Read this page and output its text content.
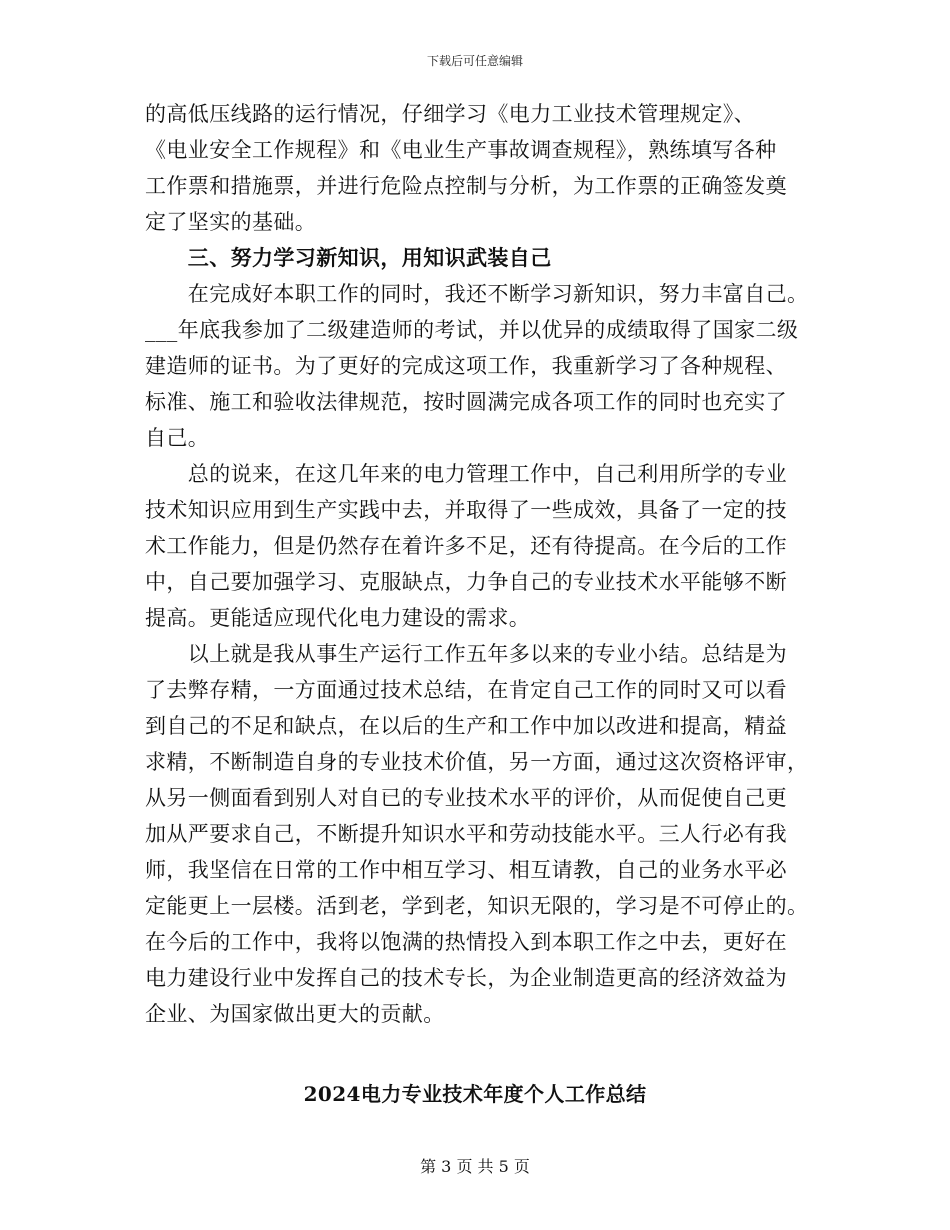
下载后可任意编辑
的高低压线路的运行情况，仔细学习《电力工业技术管理规定》、
《电业安全工作规程》和《电业生产事故调查规程》，熟练填写各种
工作票和措施票，并进行危险点控制与分析，为工作票的正确签发奠
定了坚实的基础。
　　三、努力学习新知识，用知识武装自己
　　在完成好本职工作的同时，我还不断学习新知识，努力丰富自己。
___年底我参加了二级建造师的考试，并以优异的成绩取得了国家二级
建造师的证书。为了更好的完成这项工作，我重新学习了各种规程、
标准、施工和验收法律规范，按时圆满完成各项工作的同时也充实了
自己。
　　总的说来，在这几年来的电力管理工作中，自己利用所学的专业
技术知识应用到生产实践中去，并取得了一些成效，具备了一定的技
术工作能力，但是仍然存在着许多不足，还有待提高。在今后的工作
中，自己要加强学习、克服缺点，力争自己的专业技术水平能够不断
提高。更能适应现代化电力建设的需求。
　　以上就是我从事生产运行工作五年多以来的专业小结。总结是为
了去弊存精，一方面通过技术总结，在肯定自己工作的同时又可以看
到自己的不足和缺点，在以后的生产和工作中加以改进和提高，精益
求精，不断制造自身的专业技术价值，另一方面，通过这次资格评审，
从另一侧面看到别人对自已的专业技术水平的评价，从而促使自己更
加从严要求自己，不断提升知识水平和劳动技能水平。三人行必有我
师，我坚信在日常的工作中相互学习、相互请教，自己的业务水平必
定能更上一层楼。活到老，学到老，知识无限的，学习是不可停止的。
在今后的工作中，我将以饱满的热情投入到本职工作之中去，更好在
电力建设行业中发挥自己的技术专长，为企业制造更高的经济效益为
企业、为国家做出更大的贡献。
2024电力专业技术年度个人工作总结
第 3 页 共 5 页
